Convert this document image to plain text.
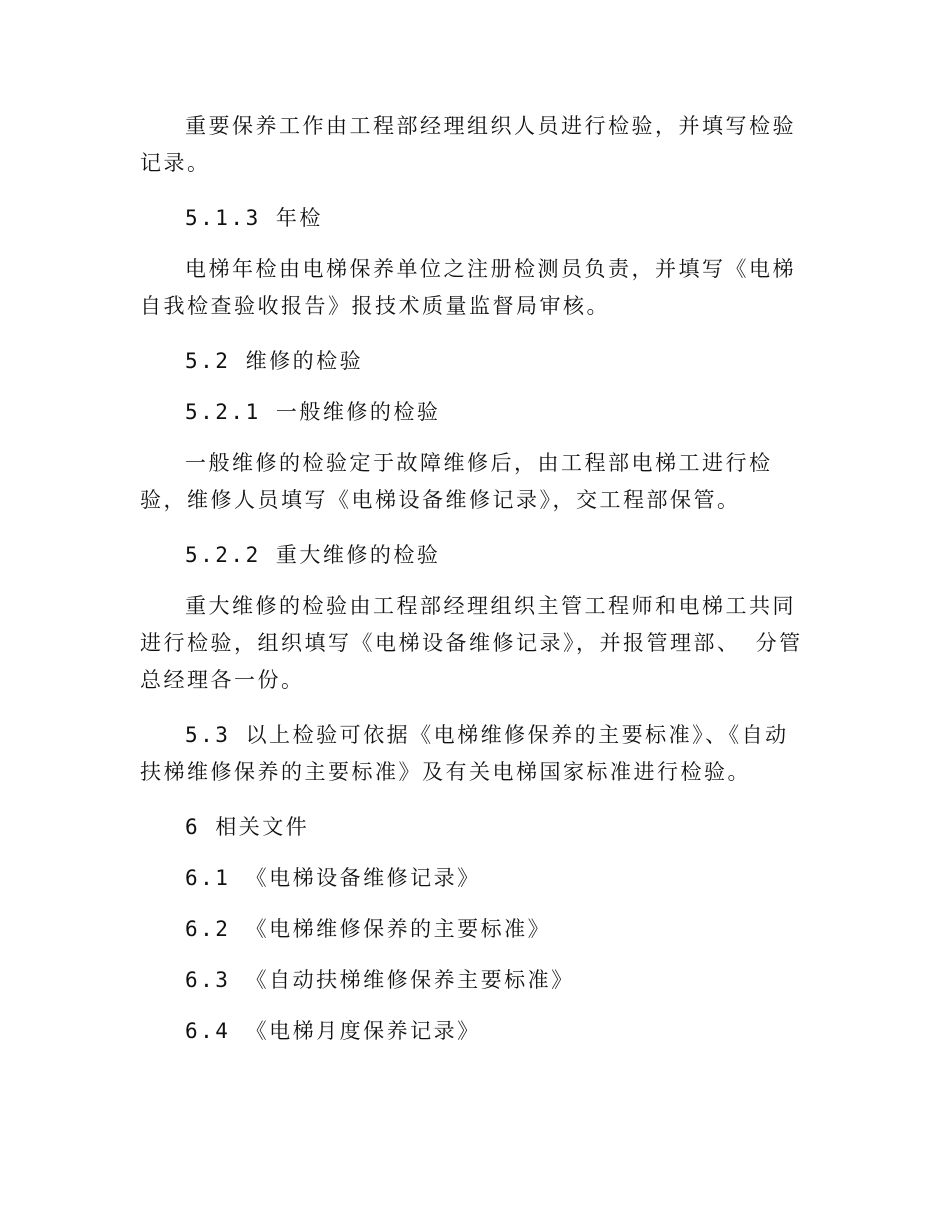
重要保养工作由工程部经理组织人员进行检验，并填写检验记录。

5.1.3 年检

电梯年检由电梯保养单位之注册检测员负责，并填写《电梯自我检查验收报告》报技术质量监督局审核。

5.2 维修的检验

5.2.1 一般维修的检验

一般维修的检验定于故障维修后，由工程部电梯工进行检验，维修人员填写《电梯设备维修记录》，交工程部保管。

5.2.2 重大维修的检验

重大维修的检验由工程部经理组织主管工程师和电梯工共同进行检验，组织填写《电梯设备维修记录》，并报管理部、 分管总经理各一份。

5.3 以上检验可依据《电梯维修保养的主要标准》、《自动扶梯维修保养的主要标准》及有关电梯国家标准进行检验。

6 相关文件

6.1 《电梯设备维修记录》

6.2 《电梯维修保养的主要标准》

6.3 《自动扶梯维修保养主要标准》

6.4 《电梯月度保养记录》
